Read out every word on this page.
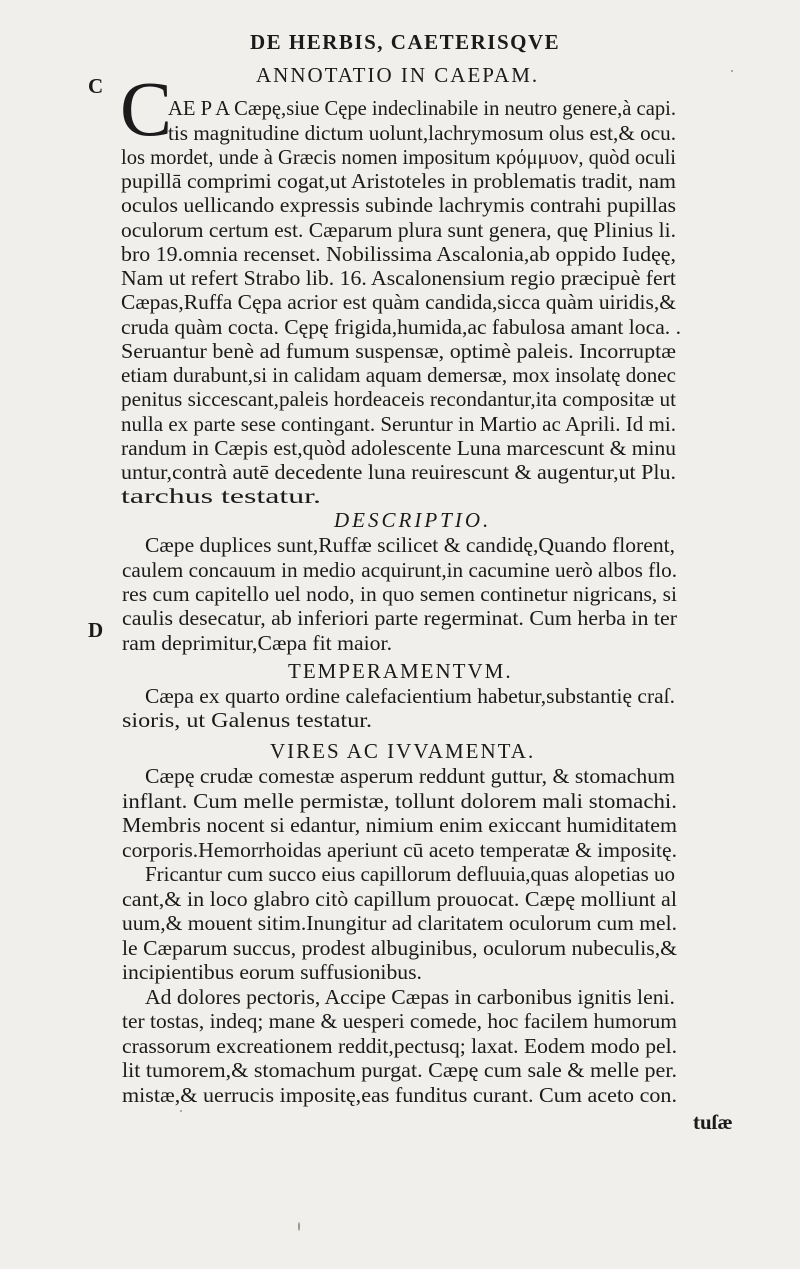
DE HERBIS, CAETERISQVE
C	ANNOTATIO IN CAEPAM.
C
AE P A Cæpę,siue Cępe indeclinabile in neutro genere,à capi.
tis magnitudine dictum uolunt,lachrymosum olus est,& ocu.
los mordet, unde à Græcis nomen impositum κρόμμυον, quòd oculi
pupillā comprimi cogat,ut Aristoteles in problematis tradit, nam
oculos uellicando expressis subinde lachrymis contrahi pupillas
oculorum certum est. Cæparum plura sunt genera, quę Plinius li.
bro 19.omnia recenset. Nobilissima Ascalonia,ab oppido Iudęę,
Nam ut refert Strabo lib. 16. Ascalonensium regio præcipuè fert
Cæpas,Ruffa Cępa acrior est quàm candida,sicca quàm uiridis,&
cruda quàm cocta. Cępę frigida,humida,ac fabulosa amant loca. .
Seruantur benè ad fumum suspensæ, optimè paleis. Incorruptæ
etiam durabunt,si in calidam aquam demersæ, mox insolatę donec
penitus siccescant,paleis hordeaceis recondantur,ita compositæ ut
nulla ex parte sese contingant. Seruntur in Martio ac Aprili. Id mi.
randum in Cæpis est,quòd adolescente Luna marcescunt & minu
untur,contrà autē decedente luna reuirescunt & augentur,ut Plu.
tarchus testatur.
DESCRIPTIO.
D
Cæpe duplices sunt,Ruffæ scilicet & candidę,Quando florent,
caulem concauum in medio acquirunt,in cacumine uerò albos flo.
res cum capitello uel nodo, in quo semen continetur nigricans, si
caulis desecatur, ab inferiori parte regerminat. Cum herba in ter
ram deprimitur,Cæpa fit maior.
TEMPERAMENTVM.
Cæpa ex quarto ordine calefacientium habetur,substantię craſ.
sioris, ut Galenus testatur.
VIRES AC IVVAMENTA.
Cæpę crudæ comestæ asperum reddunt guttur, & stomachum
inflant. Cum melle permistæ, tollunt dolorem mali stomachi.
Membris nocent si edantur, nimium enim exiccant humiditatem
corporis.Hemorrhoidas aperiunt cū aceto temperatæ & impositę.
Fricantur cum succo eius capillorum defluuia,quas alopetias uo
cant,& in loco glabro citò capillum prouocat. Cæpę molliunt al
uum,& mouent sitim.Inungitur ad claritatem oculorum cum mel.
le Cæparum succus, prodest albuginibus, oculorum nubeculis,&
incipientibus eorum suffusionibus.
Ad dolores pectoris, Accipe Cæpas in carbonibus ignitis leni.
ter tostas, indeq; mane & uesperi comede, hoc facilem humorum
crassorum excreationem reddit,pectusq; laxat. Eodem modo pel.
lit tumorem,& stomachum purgat. Cæpę cum sale & melle per.
mistæ,& uerrucis impositę,eas funditus curant. Cum aceto con.
tuſæ
